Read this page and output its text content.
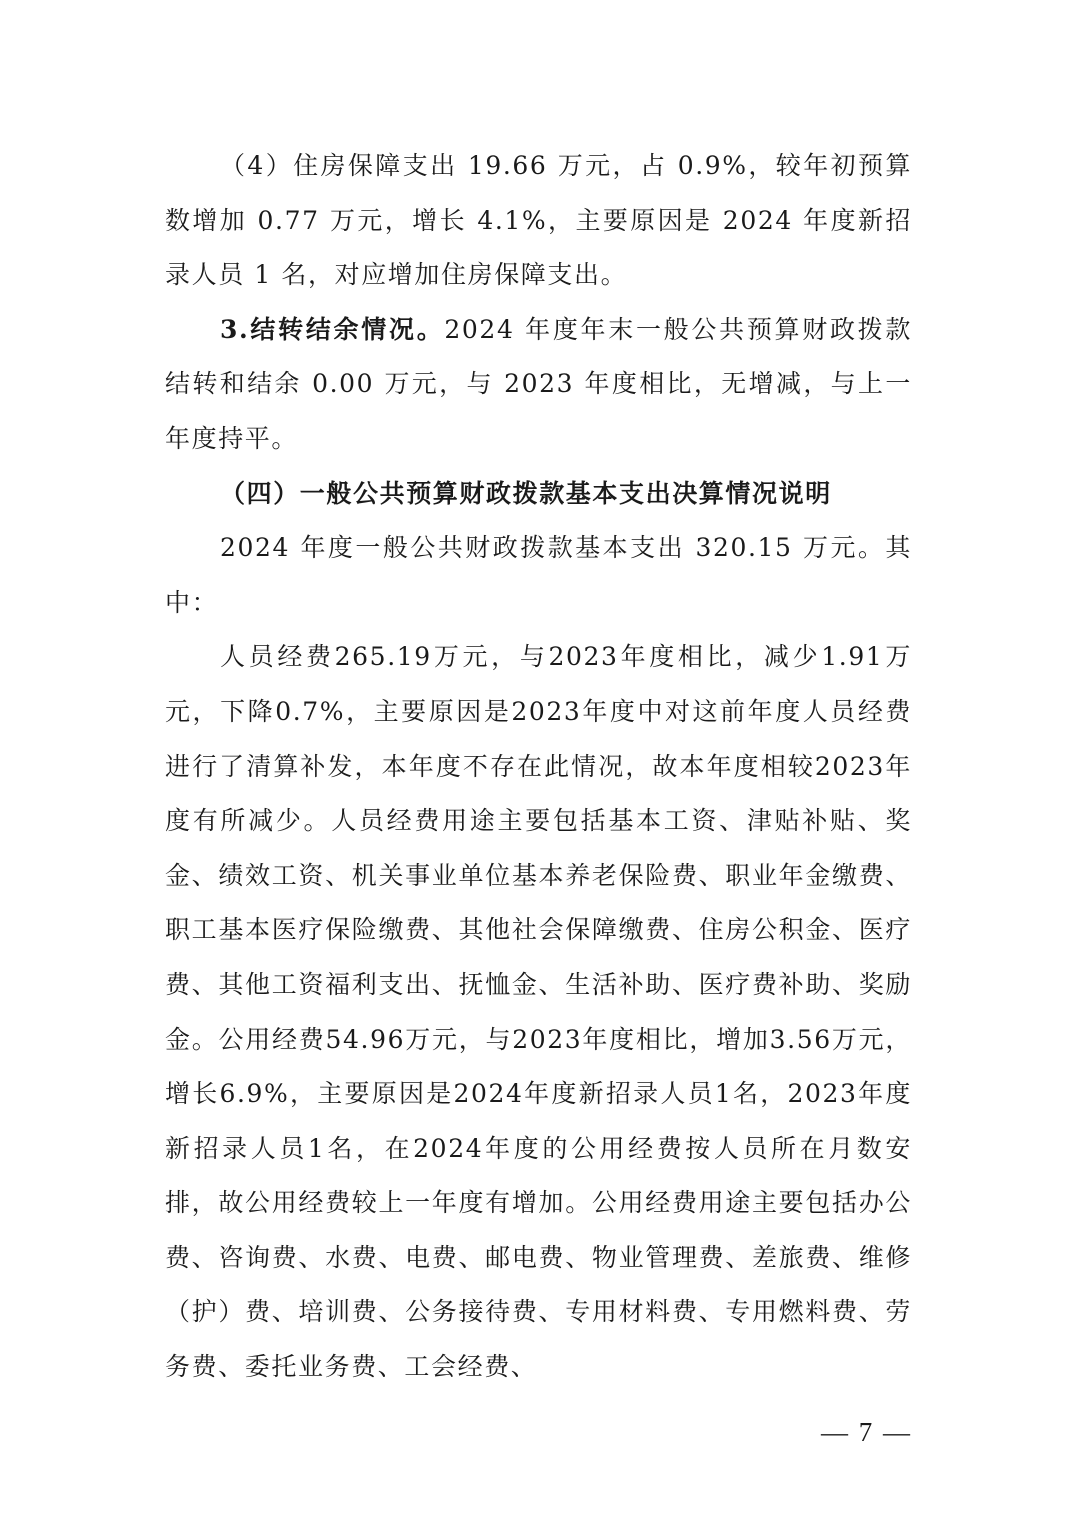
（4）住房保障支出 19.66 万元，占 0.9%，较年初预算数增加 0.77 万元，增长 4.1%，主要原因是 2024 年度新招录人员 1 名，对应增加住房保障支出。

3.结转结余情况。2024 年度年末一般公共预算财政拨款结转和结余 0.00 万元，与 2023 年度相比，无增减，与上一年度持平。

（四）一般公共预算财政拨款基本支出决算情况说明

2024 年度一般公共财政拨款基本支出 320.15 万元。其中：

人员经费265.19万元，与2023年度相比，减少1.91万元，下降0.7%，主要原因是2023年度中对这前年度人员经费进行了清算补发，本年度不存在此情况，故本年度相较2023年度有所减少。人员经费用途主要包括基本工资、津贴补贴、奖金、绩效工资、机关事业单位基本养老保险费、职业年金缴费、职工基本医疗保险缴费、其他社会保障缴费、住房公积金、医疗费、其他工资福利支出、抚恤金、生活补助、医疗费补助、奖励金。公用经费54.96万元，与2023年度相比，增加3.56万元，增长6.9%，主要原因是2024年度新招录人员1名，2023年度新招录人员1名，在2024年度的公用经费按人员所在月数安排，故公用经费较上一年度有增加。公用经费用途主要包括办公费、咨询费、水费、电费、邮电费、物业管理费、差旅费、维修（护）费、培训费、公务接待费、专用材料费、专用燃料费、劳务费、委托业务费、工会经费、

— 7 —
